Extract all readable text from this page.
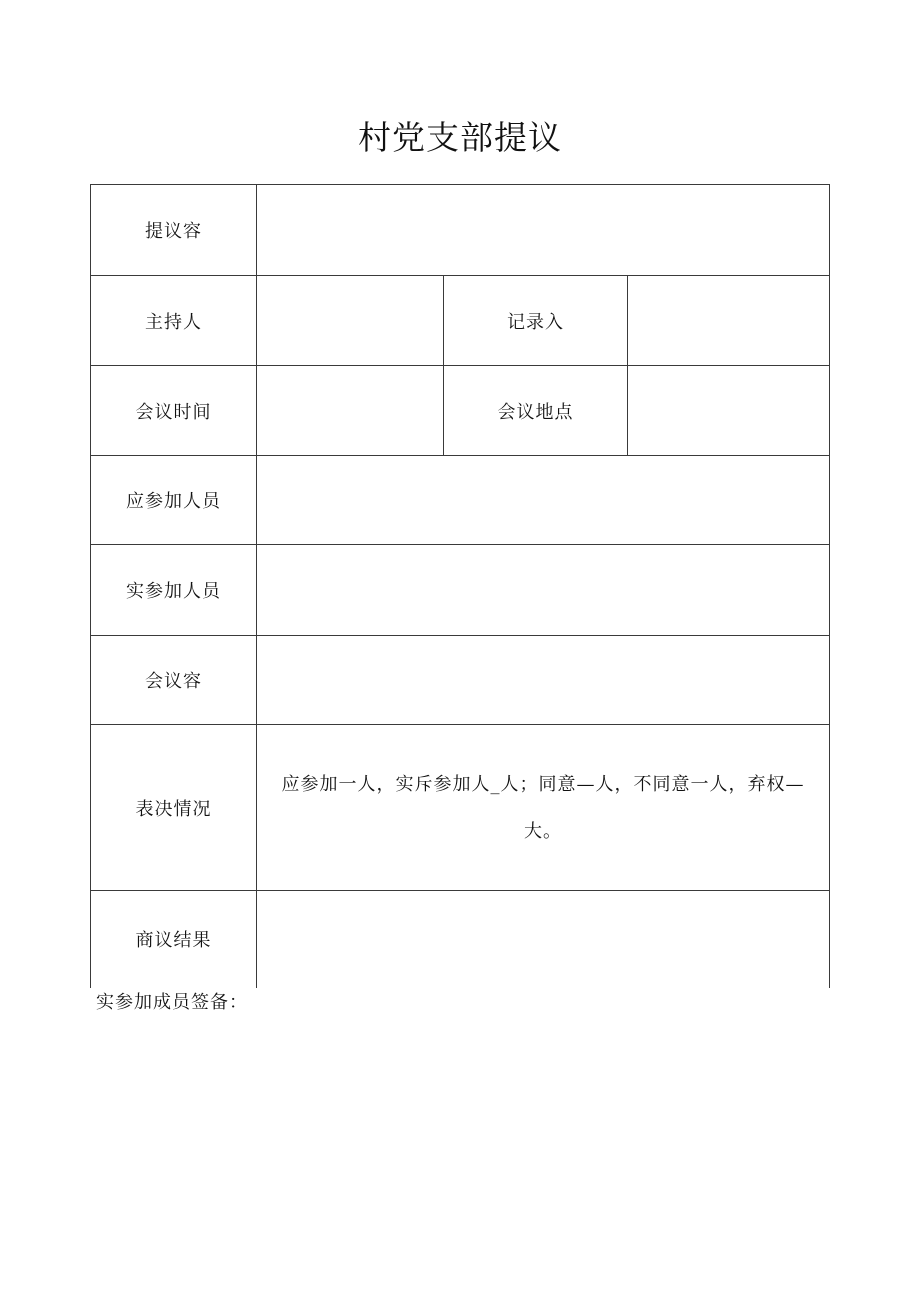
村党支部提议
提议容			
主持人		记录入	
会议时间		会议地点	
应参加人员			
实参加人员			
会议容			
表决情况	应参加一人，实斥参加人_人；同意—人，不同意一人，弃权—大。		

商议结果			
实参加成员签备：
